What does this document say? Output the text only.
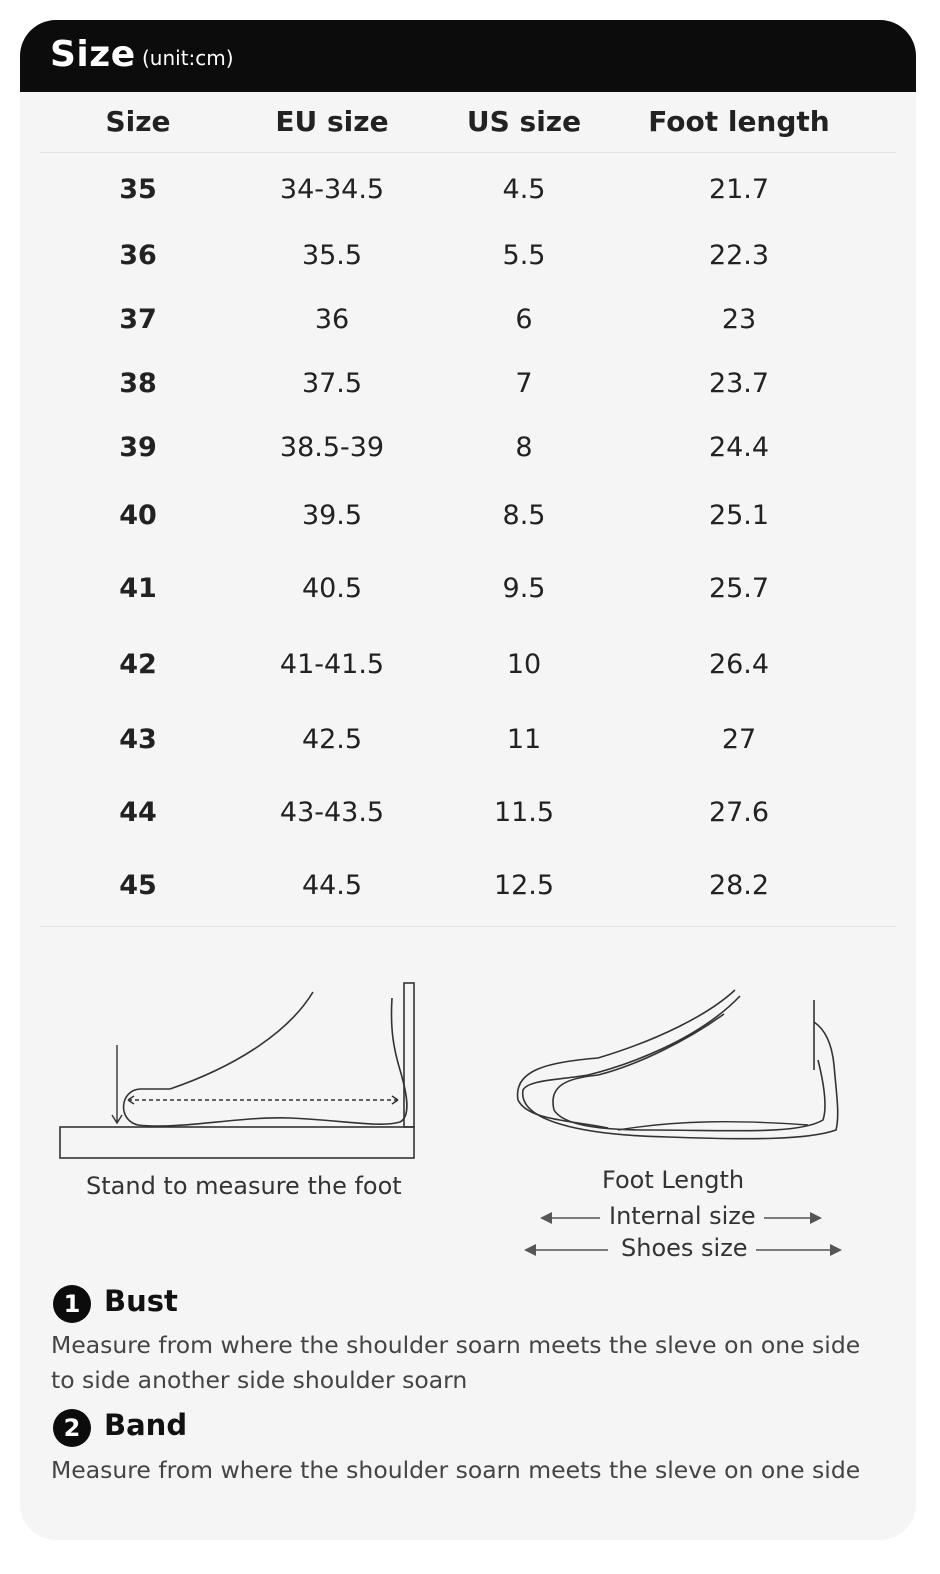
Size (unit:cm)
Size	EU size	US size	Foot length
35	34-34.5	4.5	21.7
36	35.5	5.5	22.3
37	36	6	23
38	37.5	7	23.7
39	38.5-39	8	24.4
40	39.5	8.5	25.1
41	40.5	9.5	25.7
42	41-41.5	10	26.4
43	42.5	11	27
44	43-43.5	11.5	27.6
45	44.5	12.5	28.2
Stand to measure the foot	Foot Length
Internal size
Shoes size
1 Bust
Measure from where the shoulder soarn meets the sleve on one side
to side another side shoulder soarn
2 Band
Measure from where the shoulder soarn meets the sleve on one side
